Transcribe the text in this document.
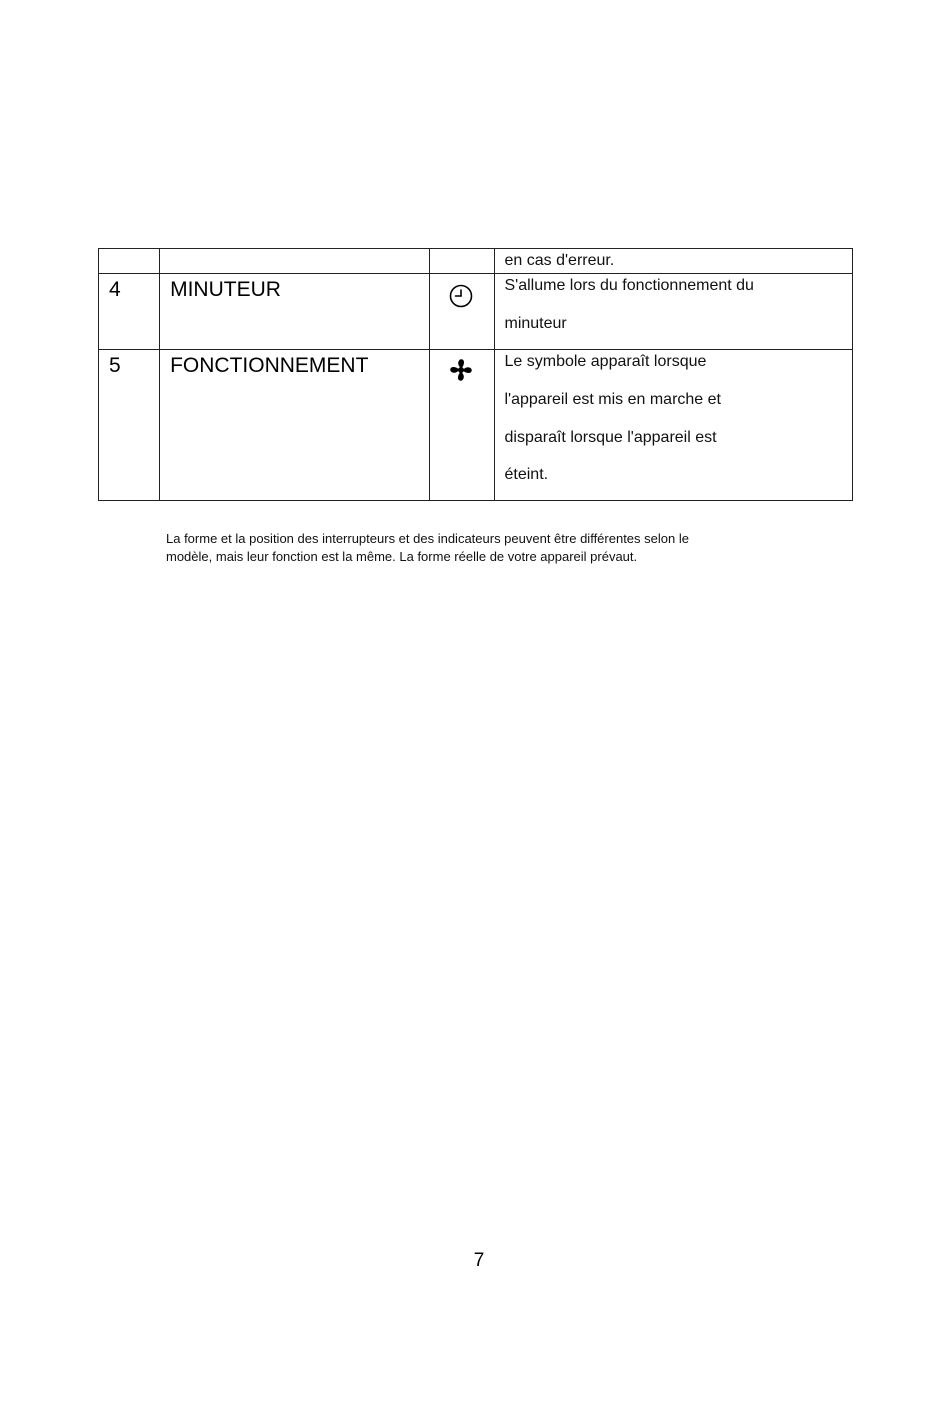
			en cas d'erreur.

4	MINUTEUR		S'allume lors du fonctionnement du
minuteur

5	FONCTIONNEMENT		Le symbole apparaît lorsque
l'appareil est mis en marche et
disparaît lorsque l'appareil est
éteint.
La forme et la position des interrupteurs et des indicateurs peuvent être différentes selon le
modèle, mais leur fonction est la même. La forme réelle de votre appareil prévaut.
7
